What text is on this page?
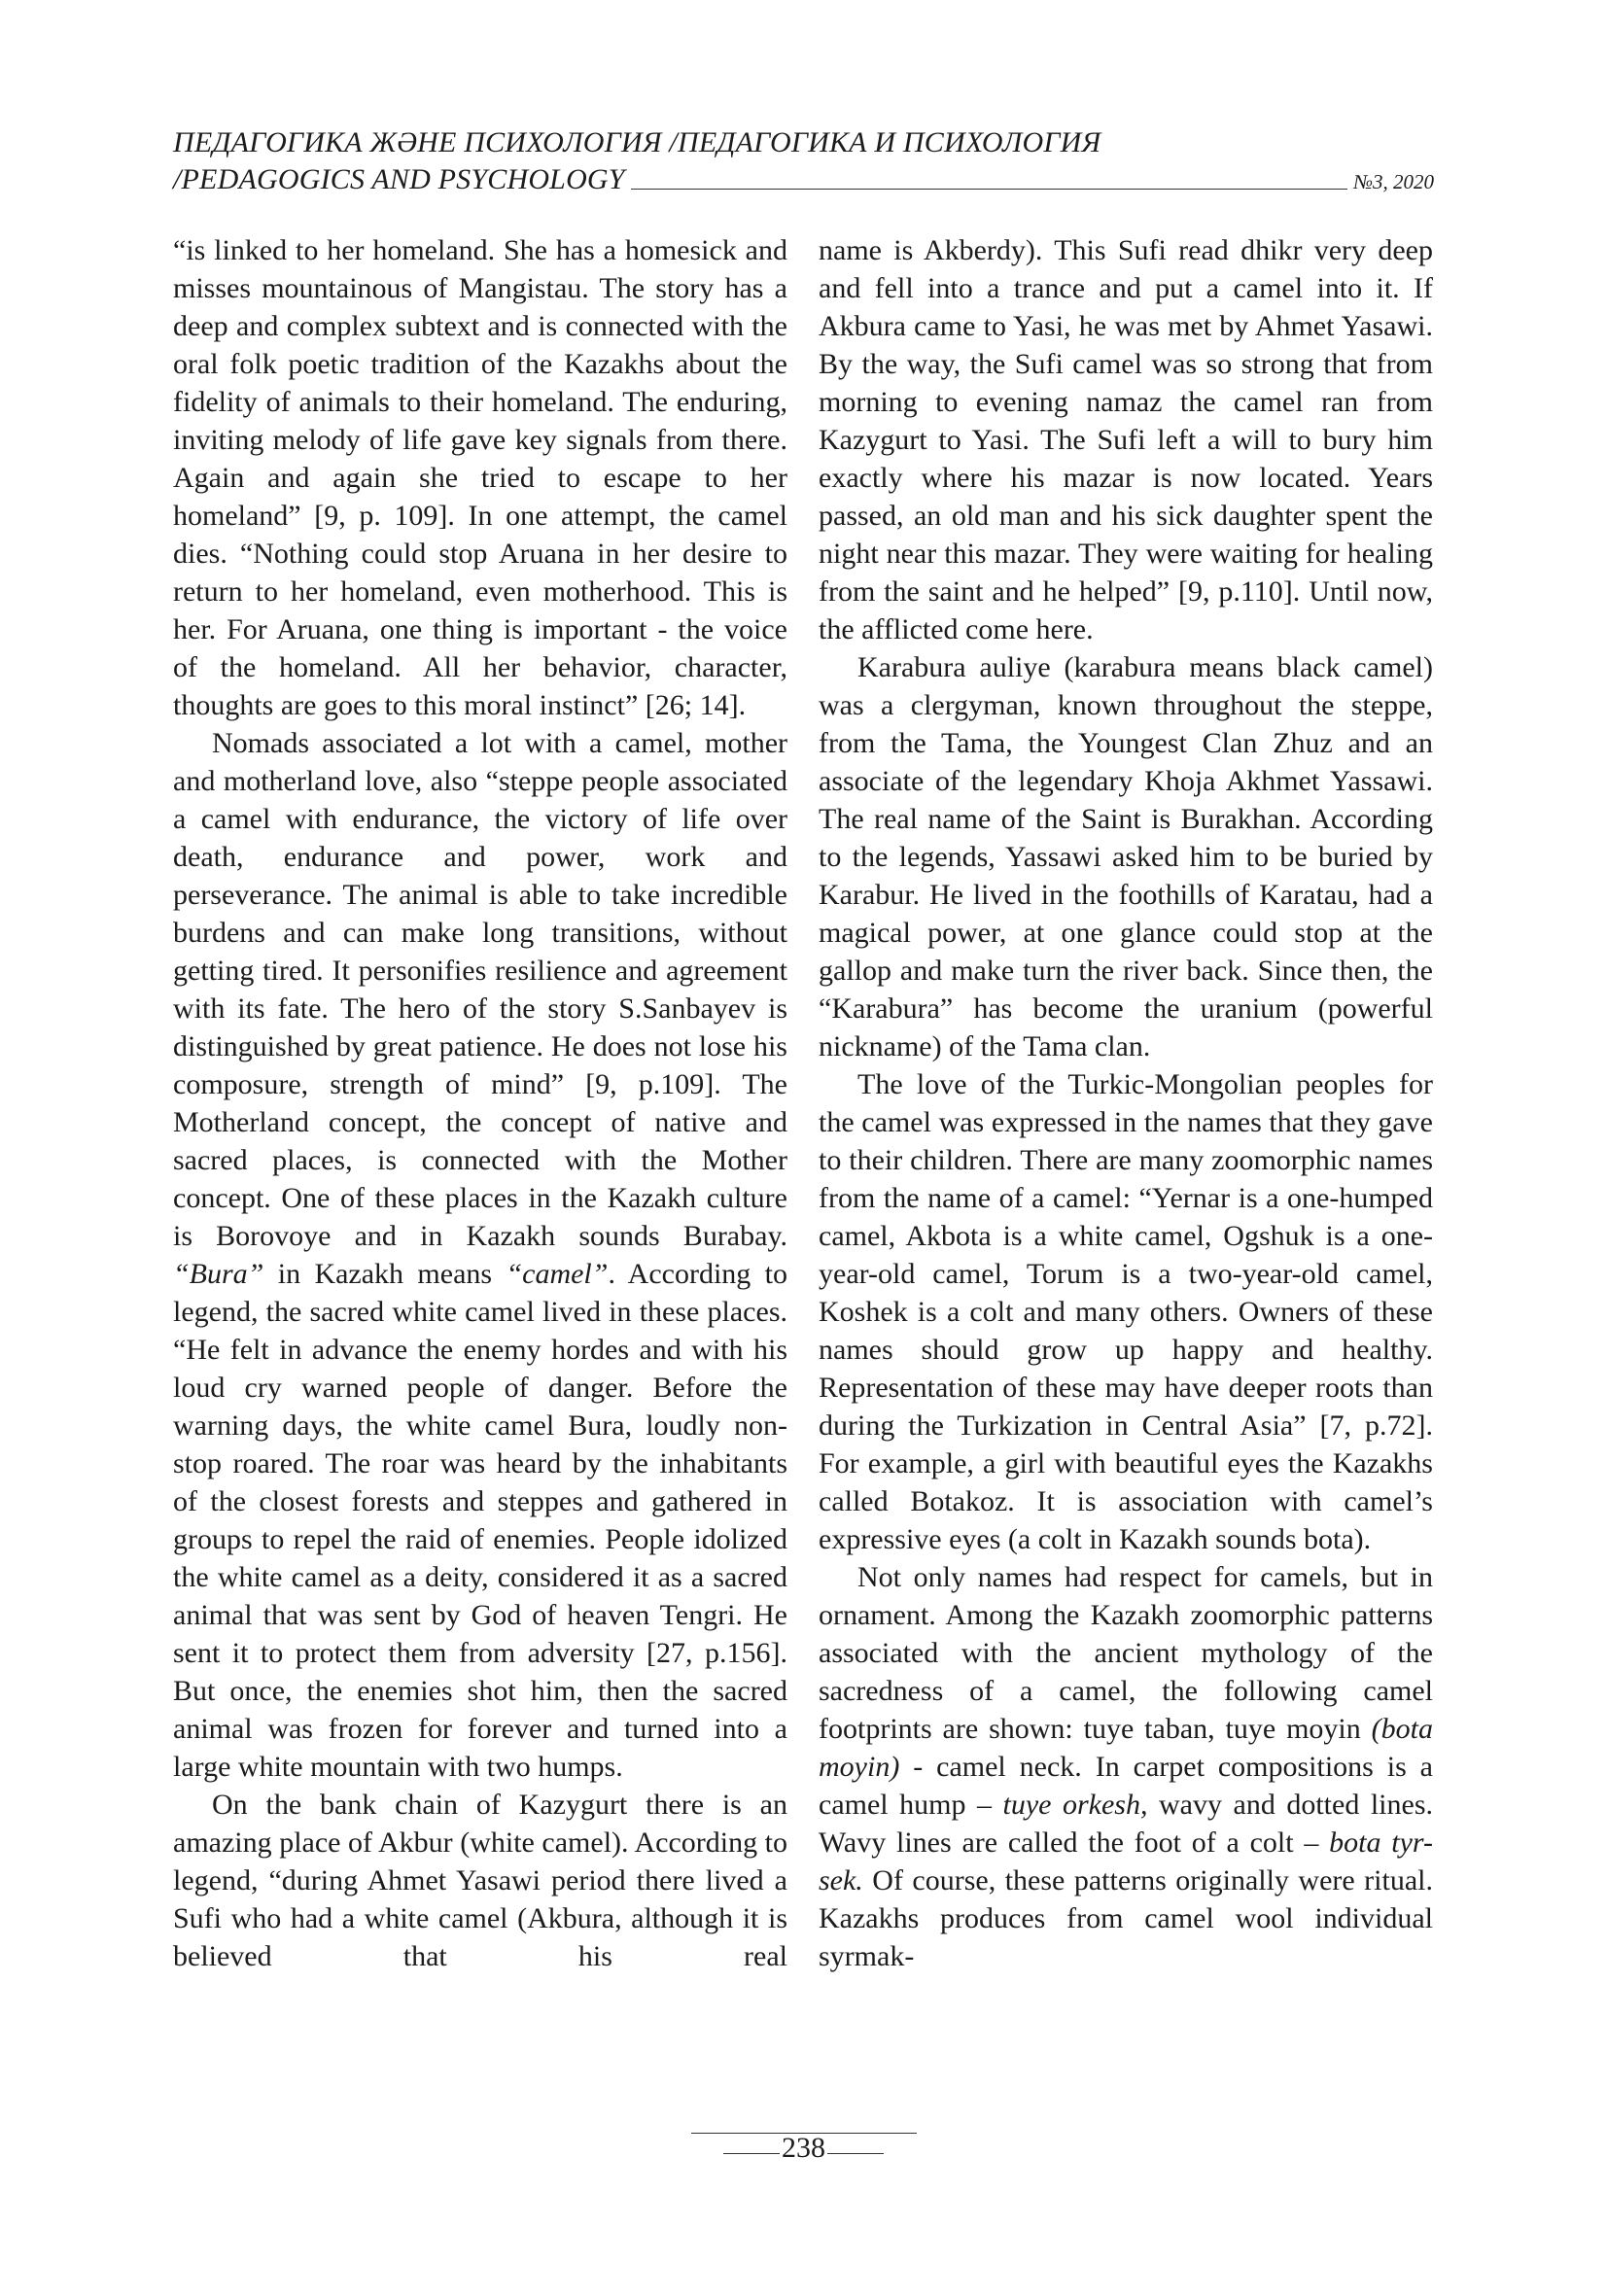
ПЕДАГОГИКА ЖӘНЕ ПСИХОЛОГИЯ /ПЕДАГОГИКА И ПСИХОЛОГИЯ
/PEDAGOGICS AND PSYCHOLOGY	№3, 2020

“is linked to her homeland. She has a homesick and misses mountainous of Mangistau. The story has a deep and complex subtext and is connected with the oral folk poetic tradition of the Kazakhs about the fidelity of animals to their homeland. The enduring, inviting melody of life gave key signals from there. Again and again she tried to escape to her homeland” [9, p. 109]. In one attempt, the camel dies. “Nothing could stop Aruana in her desire to return to her homeland, even motherhood. This is her. For Aruana, one thing is important - the voice of the homeland. All her behavior, character, thoughts are goes to this moral instinct” [26; 14].

Nomads associated a lot with a camel, mother and motherland love, also “steppe people associated a camel with endurance, the victory of life over death, endurance and power, work and perseverance. The animal is able to take incredible burdens and can make long transitions, without getting tired. It personifies resilience and agreement with its fate. The hero of the story S.Sanbayev is distinguished by great patience. He does not lose his composure, strength of mind” [9, p.109]. The Motherland concept, the concept of native and sacred places, is connected with the Mother concept. One of these places in the Kazakh culture is Borovoye and in Kazakh sounds Burabay. “Bura” in Kazakh means “camel”. According to legend, the sacred white camel lived in these places. “He felt in advance the enemy hordes and with his loud cry warned people of danger. Before the warning days, the white camel Bura, loudly non-stop roared. The roar was heard by the inhabitants of the closest forests and steppes and gathered in groups to repel the raid of enemies. People idolized the white camel as a deity, considered it as a sacred animal that was sent by God of heaven Tengri. He sent it to protect them from adversity [27, p.156]. But once, the enemies shot him, then the sacred animal was frozen for forever and turned into a large white mountain with two humps.

On the bank chain of Kazygurt there is an amazing place of Akbur (white camel). According to legend, “during Ahmet Yasawi period there lived a Sufi who had a white camel (Akbura, although it is believed that his real

name is Akberdy). This Sufi read dhikr very deep and fell into a trance and put a camel into it. If Akbura came to Yasi, he was met by Ahmet Yasawi. By the way, the Sufi camel was so strong that from morning to evening namaz the camel ran from Kazygurt to Yasi. The Sufi left a will to bury him exactly where his mazar is now located. Years passed, an old man and his sick daughter spent the night near this mazar. They were waiting for healing from the saint and he helped” [9, p.110]. Until now, the afflicted come here.

Karabura auliye (karabura means black camel) was a clergyman, known throughout the steppe, from the Tama, the Youngest Clan Zhuz and an associate of the legendary Khoja Akhmet Yassawi. The real name of the Saint is Burakhan. According to the legends, Yassawi asked him to be buried by Karabur. He lived in the foothills of Karatau, had a magical power, at one glance could stop at the gallop and make turn the river back. Since then, the “Karabura” has become the uranium (powerful nickname) of the Tama clan.

The love of the Turkic-Mongolian peoples for the camel was expressed in the names that they gave to their children. There are many zoomorphic names from the name of a camel: “Yernar is a one-humped camel, Akbota is a white camel, Ogshuk is a one-year-old camel, Torum is a two-year-old camel, Koshek is a colt and many others. Owners of these names should grow up happy and healthy. Representation of these may have deeper roots than during the Turkization in Central Asia” [7, p.72]. For example, a girl with beautiful eyes the Kazakhs called Botakoz. It is association with camel’s expressive eyes (a colt in Kazakh sounds bota).

Not only names had respect for camels, but in ornament. Among the Kazakh zoomorphic patterns associated with the ancient mythology of the sacredness of a camel, the following camel footprints are shown: tuye taban, tuye moyin (bota moyin) - camel neck. In carpet compositions is a camel hump – tuye orkesh, wavy and dotted lines. Wavy lines are called the foot of a colt – bota tyr-sek. Of course, these patterns originally were ritual. Kazakhs produces from camel wool individual syrmak-

238
